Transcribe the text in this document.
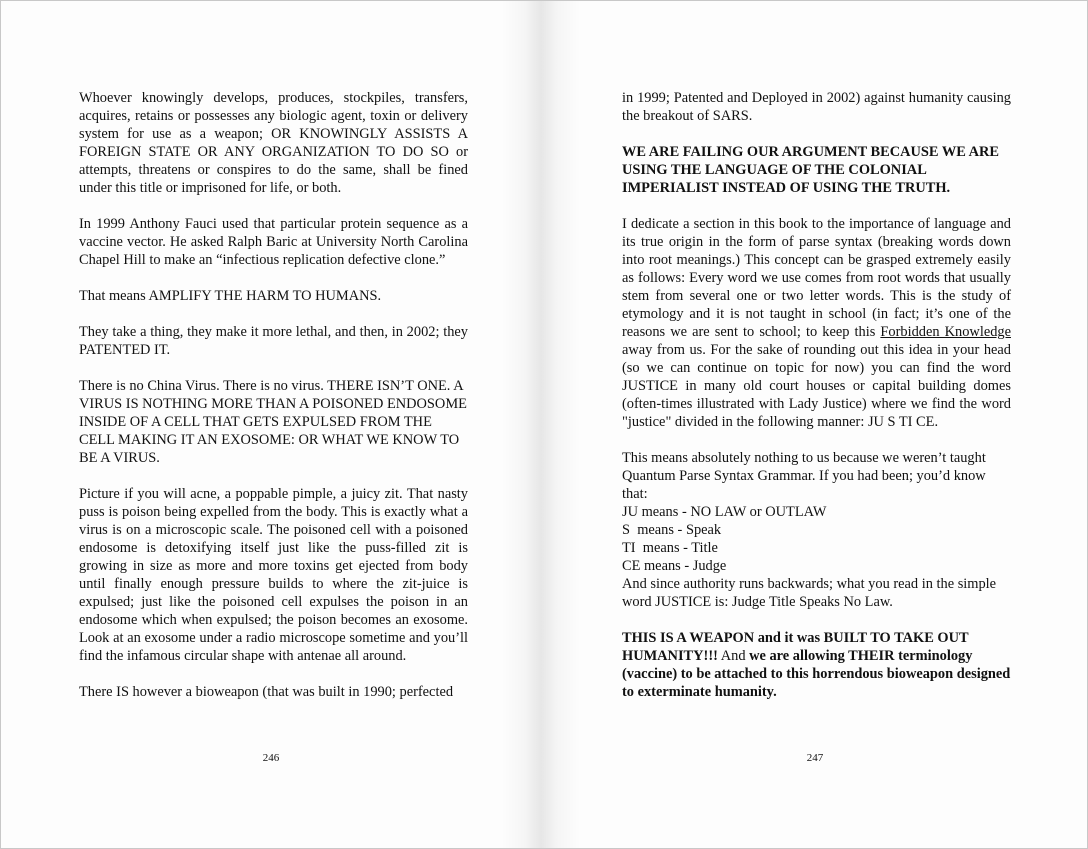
Whoever knowingly develops, produces, stockpiles, transfers, acquires, retains or possesses any biologic agent, toxin or delivery system for use as a weapon; OR KNOWINGLY ASSISTS A FOREIGN STATE OR ANY ORGANIZATION TO DO SO or attempts, threatens or conspires to do the same, shall be fined under this title or imprisoned for life, or both.

In 1999 Anthony Fauci used that particular protein sequence as a vaccine vector. He asked Ralph Baric at University North Carolina Chapel Hill to make an “infectious replication defective clone.”

That means AMPLIFY THE HARM TO HUMANS.

They take a thing, they make it more lethal, and then, in 2002; they PATENTED IT.

There is no China Virus. There is no virus. THERE ISN’T ONE. A VIRUS IS NOTHING MORE THAN A POISONED ENDOSOME INSIDE OF A CELL THAT GETS EXPULSED FROM THE CELL MAKING IT AN EXOSOME: OR WHAT WE KNOW TO BE A VIRUS.

Picture if you will acne, a poppable pimple, a juicy zit. That nasty puss is poison being expelled from the body. This is exactly what a virus is on a microscopic scale. The poisoned cell with a poisoned endosome is detoxifying itself just like the puss-filled zit is growing in size as more and more toxins get ejected from body until finally enough pressure builds to where the zit-juice is expulsed; just like the poisoned cell expulses the poison in an endosome which when expulsed; the poison becomes an exosome. Look at an exosome under a radio microscope sometime and you’ll find the infamous circular shape with antenae all around.

There IS however a bioweapon (that was built in 1990; perfected

246

in 1999; Patented and Deployed in 2002) against humanity causing the breakout of SARS.

WE ARE FAILING OUR ARGUMENT BECAUSE WE ARE USING THE LANGUAGE OF THE COLONIAL IMPERIALIST INSTEAD OF USING THE TRUTH.

I dedicate a section in this book to the importance of language and its true origin in the form of parse syntax (breaking words down into root meanings.) This concept can be grasped extremely easily as follows: Every word we use comes from root words that usually stem from several one or two letter words. This is the study of etymology and it is not taught in school (in fact; it’s one of the reasons we are sent to school; to keep this Forbidden Knowledge away from us. For the sake of rounding out this idea in your head (so we can continue on topic for now) you can find the word JUSTICE in many old court houses or capital building domes (often-times illustrated with Lady Justice) where we find the word "justice" divided in the following manner: JU S TI CE.

This means absolutely nothing to us because we weren’t taught Quantum Parse Syntax Grammar. If you had been; you’d know that:

JU means - NO LAW or OUTLAW
S  means - Speak
TI  means - Title
CE means - Judge

And since authority runs backwards; what you read in the simple word JUSTICE is: Judge Title Speaks No Law.

THIS IS A WEAPON and it was BUILT TO TAKE OUT HUMANITY!!! And we are allowing THEIR terminology (vaccine) to be attached to this horrendous bioweapon designed to exterminate humanity.

247
